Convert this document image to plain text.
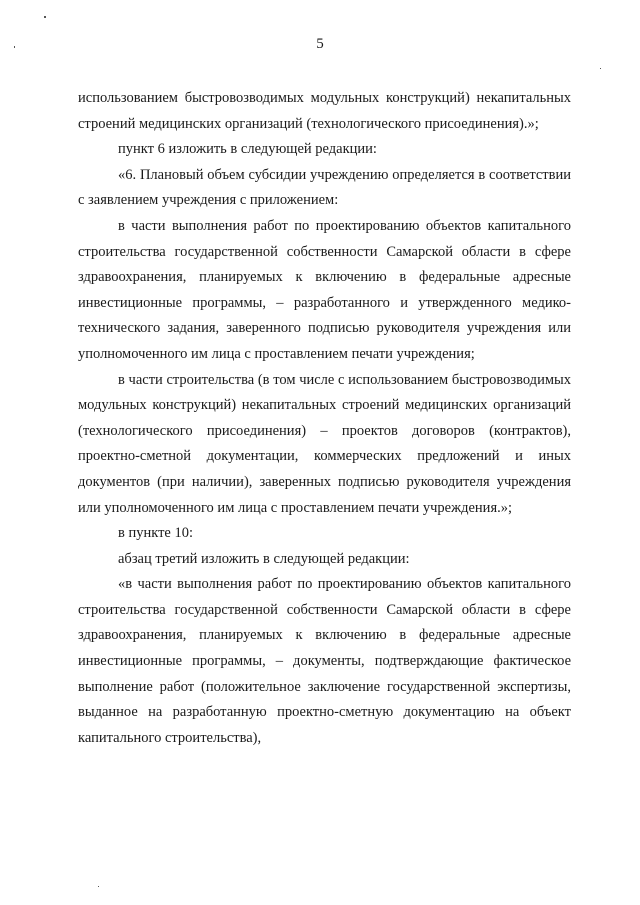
5

использованием быстровозводимых модульных конструкций) некапитальных строений медицинских организаций (технологического присоединения).»;

пункт 6 изложить в следующей редакции:

«6. Плановый объем субсидии учреждению определяется в соответствии с заявлением учреждения с приложением:

в части выполнения работ по проектированию объектов капитального строительства государственной собственности Самарской области в сфере здравоохранения, планируемых к включению в федеральные адресные инвестиционные программы, – разработанного и утвержденного медико-технического задания, заверенного подписью руководителя учреждения или уполномоченного им лица с проставлением печати учреждения;

в части строительства (в том числе с использованием быстровозводимых модульных конструкций) некапитальных строений медицинских организаций (технологического присоединения) – проектов договоров (контрактов), проектно-сметной документации, коммерческих предложений и иных документов (при наличии), заверенных подписью руководителя учреждения или уполномоченного им лица с проставлением печати учреждения.»;

в пункте 10:

абзац третий изложить в следующей редакции:

«в части выполнения работ по проектированию объектов капитального строительства государственной собственности Самарской области в сфере здравоохранения, планируемых к включению в федеральные адресные инвестиционные программы, – документы, подтверждающие фактическое выполнение работ (положительное заключение государственной экспертизы, выданное на разработанную проектно-сметную документацию на объект капитального строительства),
